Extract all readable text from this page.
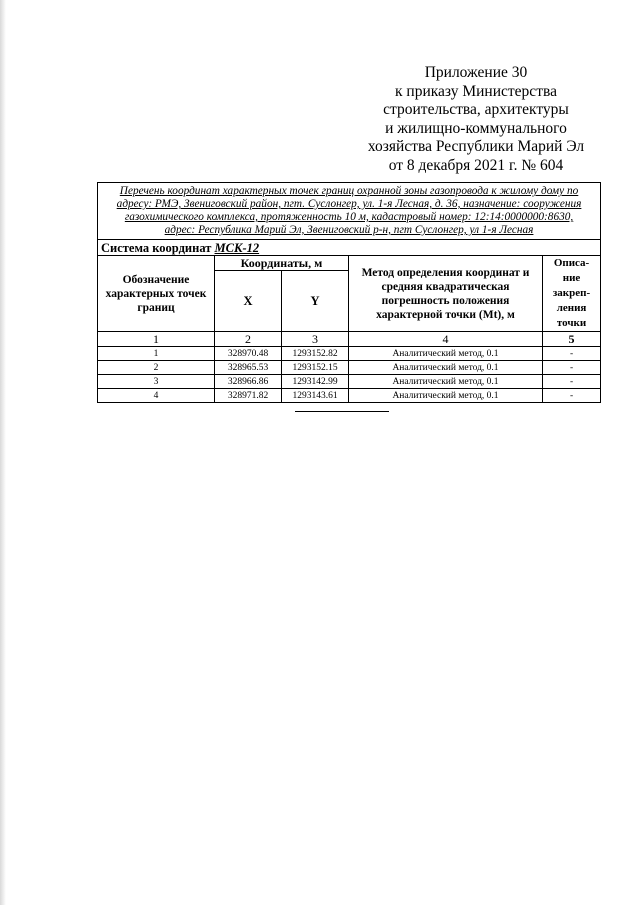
Приложение 30
к приказу Министерства
строительства, архитектуры
и жилищно-коммунального
хозяйства Республики Марий Эл
от 8 декабря 2021 г. № 604
Перечень координат характерных точек границ охранной зоны газопровода к жилому дому по
адресу: РМЭ, Звениговский район, пгт. Суслонгер, ул. 1-я Лесная, д. 36, назначение: сооружения
газохимического комплекса, протяженность 10 м, кадастровый номер: 12:14:0000000:8630,
адрес: Республика Марий Эл, Звениговский р-н, пгт Суслонгер, ул 1-я Лесная				

Система координат МСК-12				
Обозначение характерных точек границ	Координаты, м		Метод определения координат и средняя квадратическая погрешность положения характерной точки (Mt), м	Описа-
ние
закреп-
ления
точки

	X	Y		
1	2	3	4	5
1	328970.48	1293152.82	Аналитический метод, 0.1	-
2	328965.53	1293152.15	Аналитический метод, 0.1	-
3	328966.86	1293142.99	Аналитический метод, 0.1	-
4	328971.82	1293143.61	Аналитический метод, 0.1	-
